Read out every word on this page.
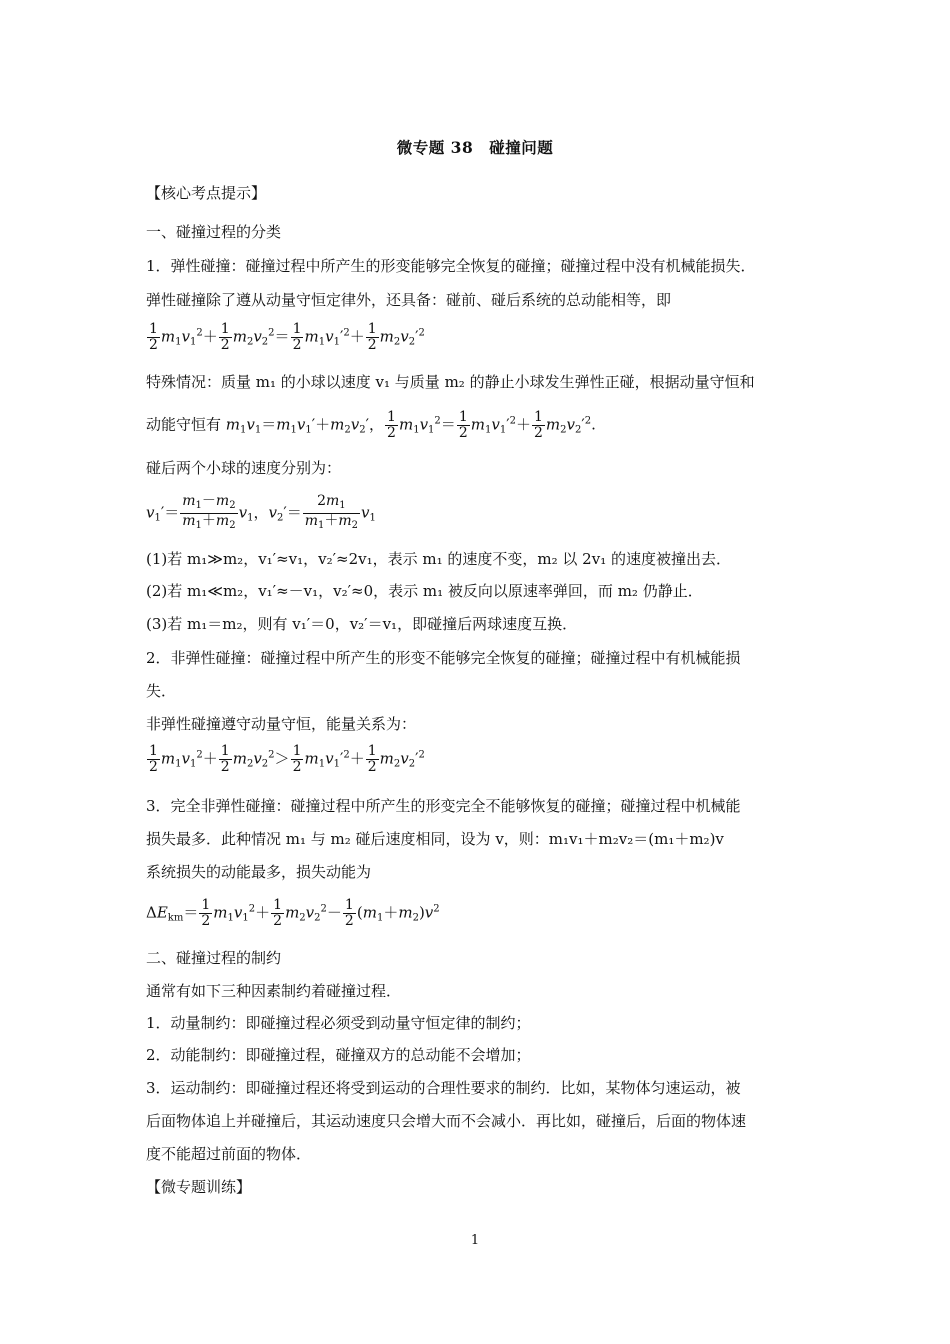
微专题 38　碰撞问题
【核心考点提示】
一、碰撞过程的分类
1．弹性碰撞：碰撞过程中所产生的形变能够完全恢复的碰撞；碰撞过程中没有机械能损失．
弹性碰撞除了遵从动量守恒定律外，还具备：碰前、碰后系统的总动能相等，即
$\frac{1}{2} m_1v_1^2+ \frac{1}{2} m_2v_2^2= \frac{1}{2} m_1v_1'^2+ \frac{1}{2} m_2v_2'^2$
特殊情况：质量 m₁ 的小球以速度 v₁ 与质量 m₂ 的静止小球发生弹性正碰，根据动量守恒和
动能守恒有 $m_1v_1=m_1v_1'+m_2v_2'$， $\frac{1}{2} m_1v_1^2= \frac{1}{2} m_1v_1'^2+ \frac{1}{2} m_2v_2'^2$.
碰后两个小球的速度分别为：
$v_1'= \frac{m_1-m_2}{m_1+m_2} v_1$，$v_2'= \frac{2m_1}{m_1+m_2} v_1$
(1)若 m₁≫m₂，v₁′≈v₁，v₂′≈2v₁，表示 m₁ 的速度不变，m₂ 以 2v₁ 的速度被撞出去．
(2)若 m₁≪m₂，v₁′≈－v₁，v₂′≈0，表示 m₁ 被反向以原速率弹回，而 m₂ 仍静止．
(3)若 m₁＝m₂，则有 v₁′＝0，v₂′＝v₁，即碰撞后两球速度互换．
2．非弹性碰撞：碰撞过程中所产生的形变不能够完全恢复的碰撞；碰撞过程中有机械能损
失．
非弹性碰撞遵守动量守恒，能量关系为：
$\frac{1}{2} m_1v_1^2+ \frac{1}{2} m_2v_2^2> \frac{1}{2} m_1v_1'^2+ \frac{1}{2} m_2v_2'^2$
3．完全非弹性碰撞：碰撞过程中所产生的形变完全不能够恢复的碰撞；碰撞过程中机械能
损失最多．此种情况 m₁ 与 m₂ 碰后速度相同，设为 v，则：m₁v₁＋m₂v₂＝(m₁＋m₂)v
系统损失的动能最多，损失动能为
$\Delta E_{km}= \frac{1}{2} m_1v_1^2+ \frac{1}{2} m_2v_2^2- \frac{1}{2} (m_1+m_2)v^2$
二、碰撞过程的制约
通常有如下三种因素制约着碰撞过程．
1．动量制约：即碰撞过程必须受到动量守恒定律的制约；
2．动能制约：即碰撞过程，碰撞双方的总动能不会增加；
3．运动制约：即碰撞过程还将受到运动的合理性要求的制约．比如，某物体匀速运动，被
后面物体追上并碰撞后，其运动速度只会增大而不会减小．再比如，碰撞后，后面的物体速
度不能超过前面的物体．
【微专题训练】
1
